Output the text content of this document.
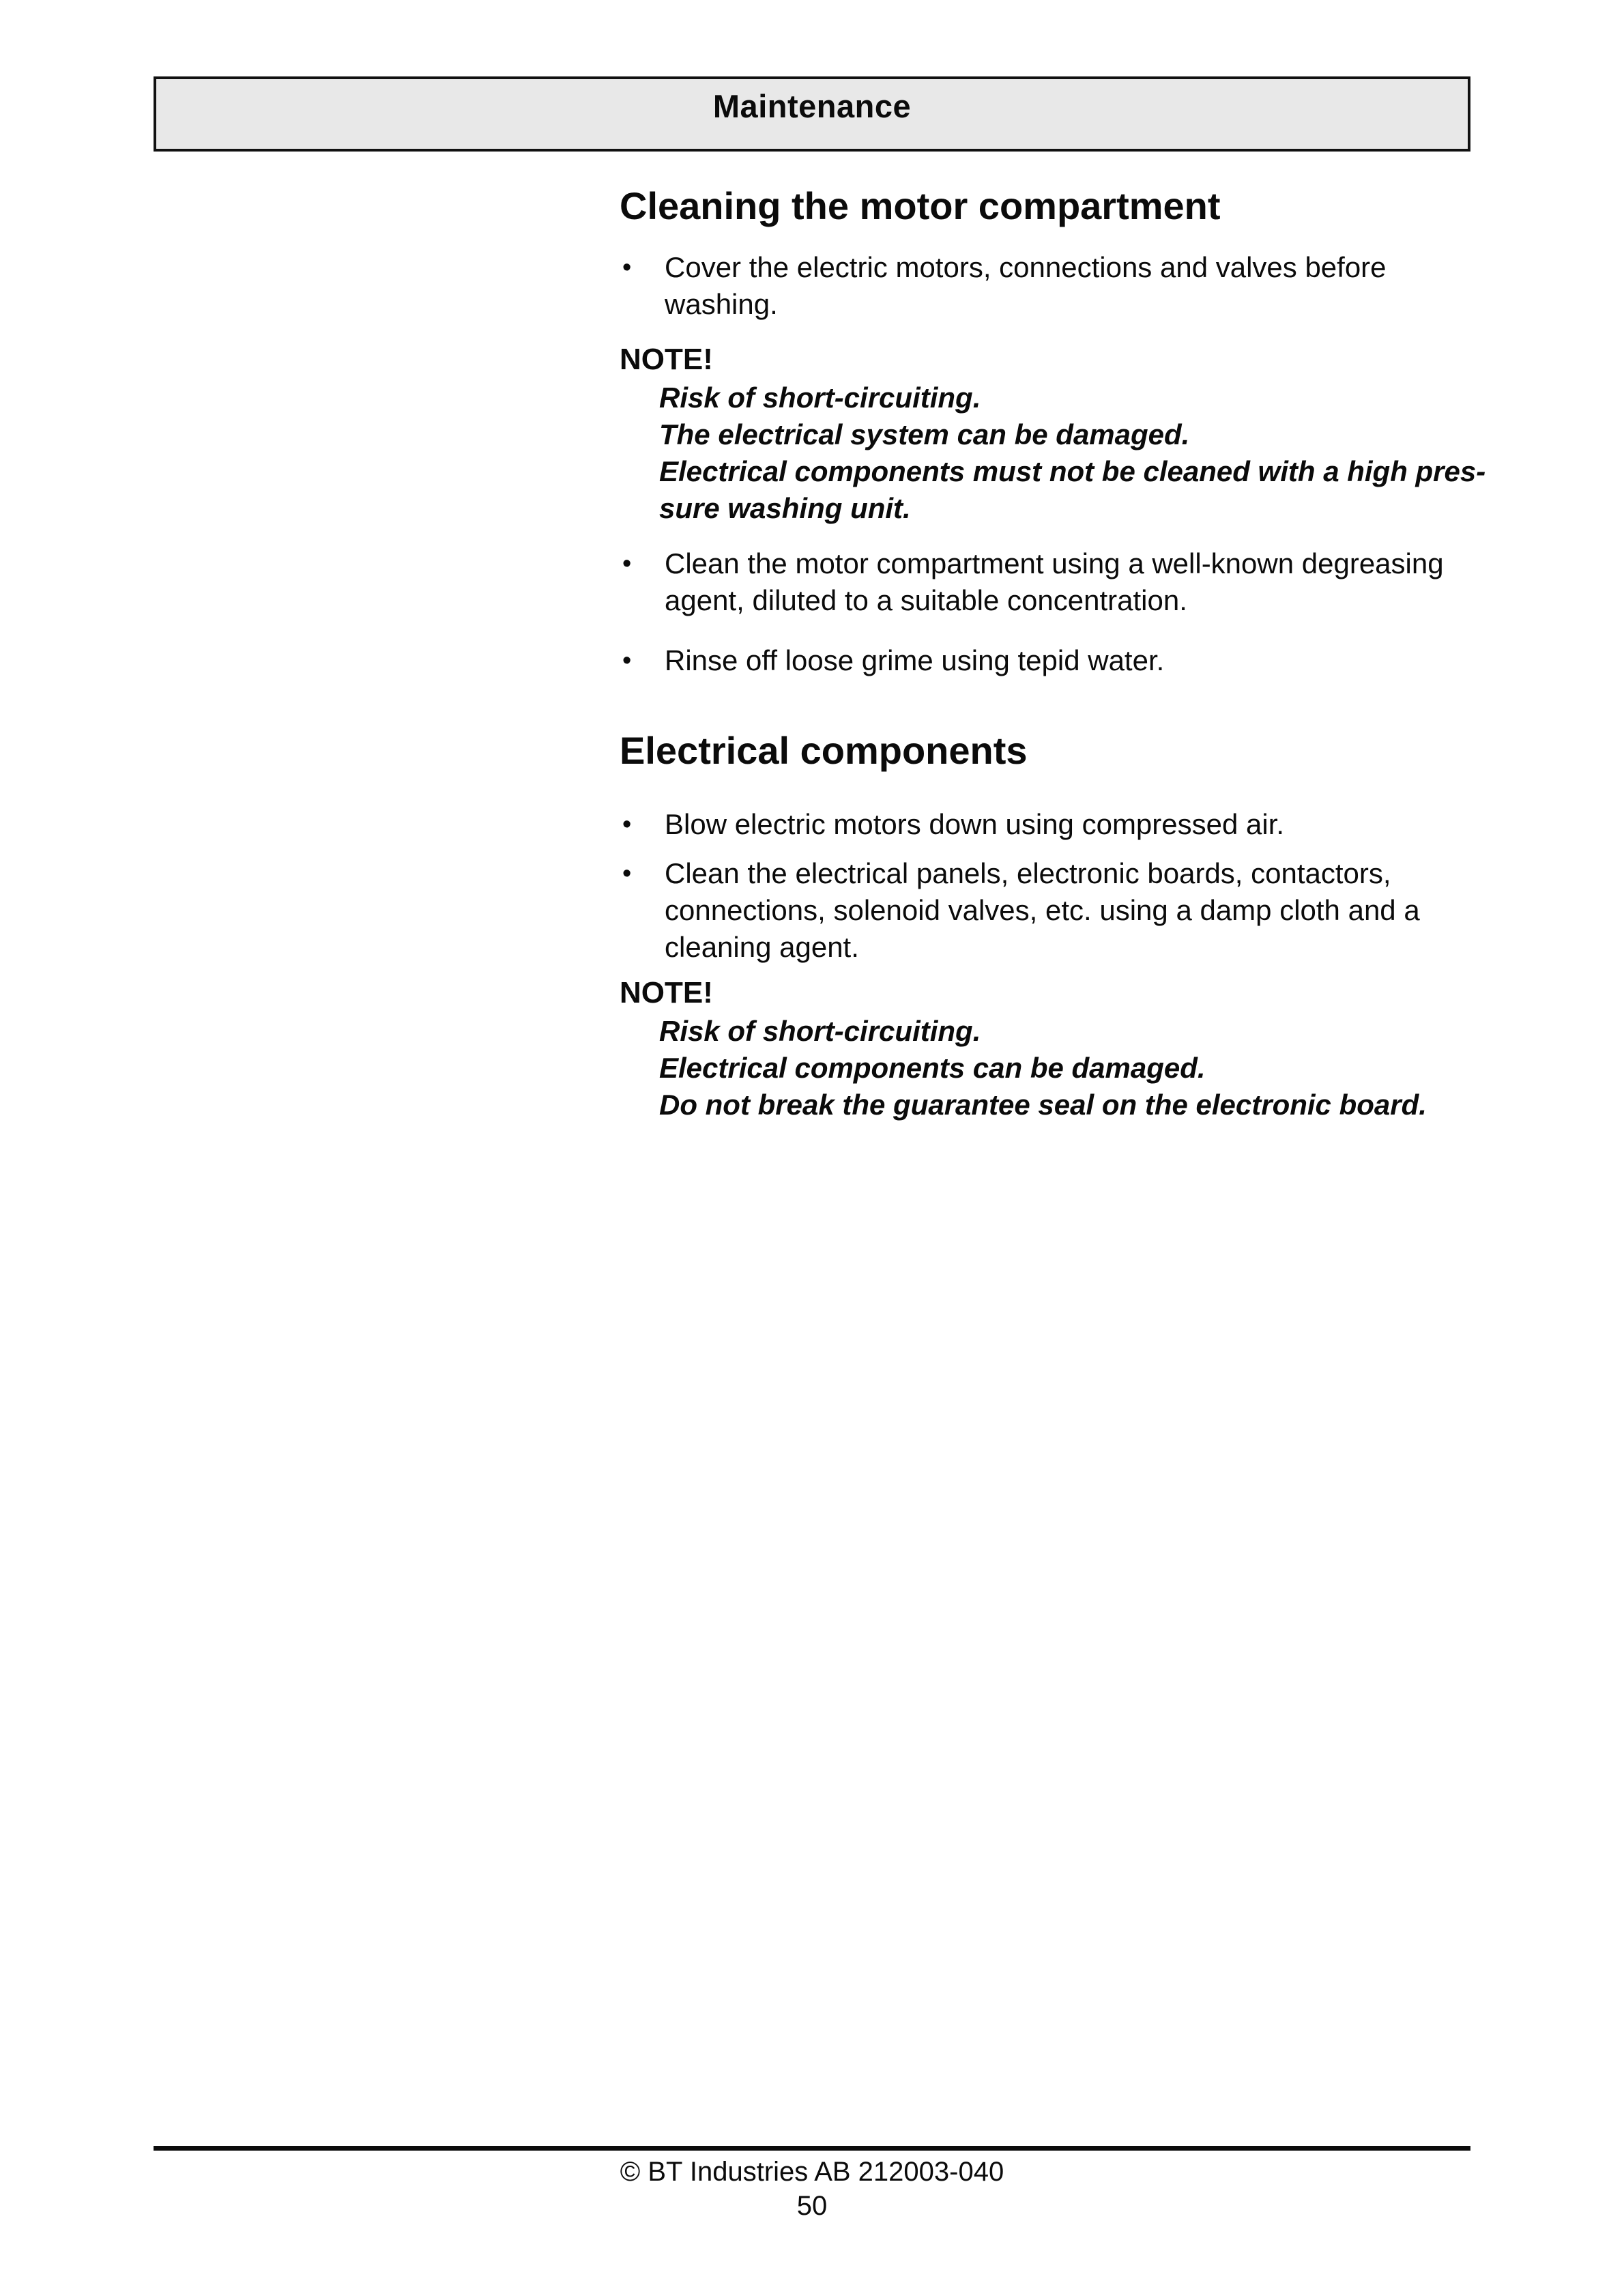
Maintenance
Cleaning the motor compartment
•	Cover the electric motors, connections and valves before
washing.
NOTE!
Risk of short-circuiting.
The electrical system can be damaged.
Electrical components must not be cleaned with a high pres-
sure washing unit.
•	Clean the motor compartment using a well-known degreasing
agent, diluted to a suitable concentration.
•	Rinse off loose grime using tepid water.
Electrical components
•	Blow electric motors down using compressed air.
•	Clean the electrical panels, electronic boards, contactors,
connections, solenoid valves, etc. using a damp cloth and a
cleaning agent.
NOTE!
Risk of short-circuiting.
Electrical components can be damaged.
Do not break the guarantee seal on the electronic board.
© BT Industries AB 212003-040
50
